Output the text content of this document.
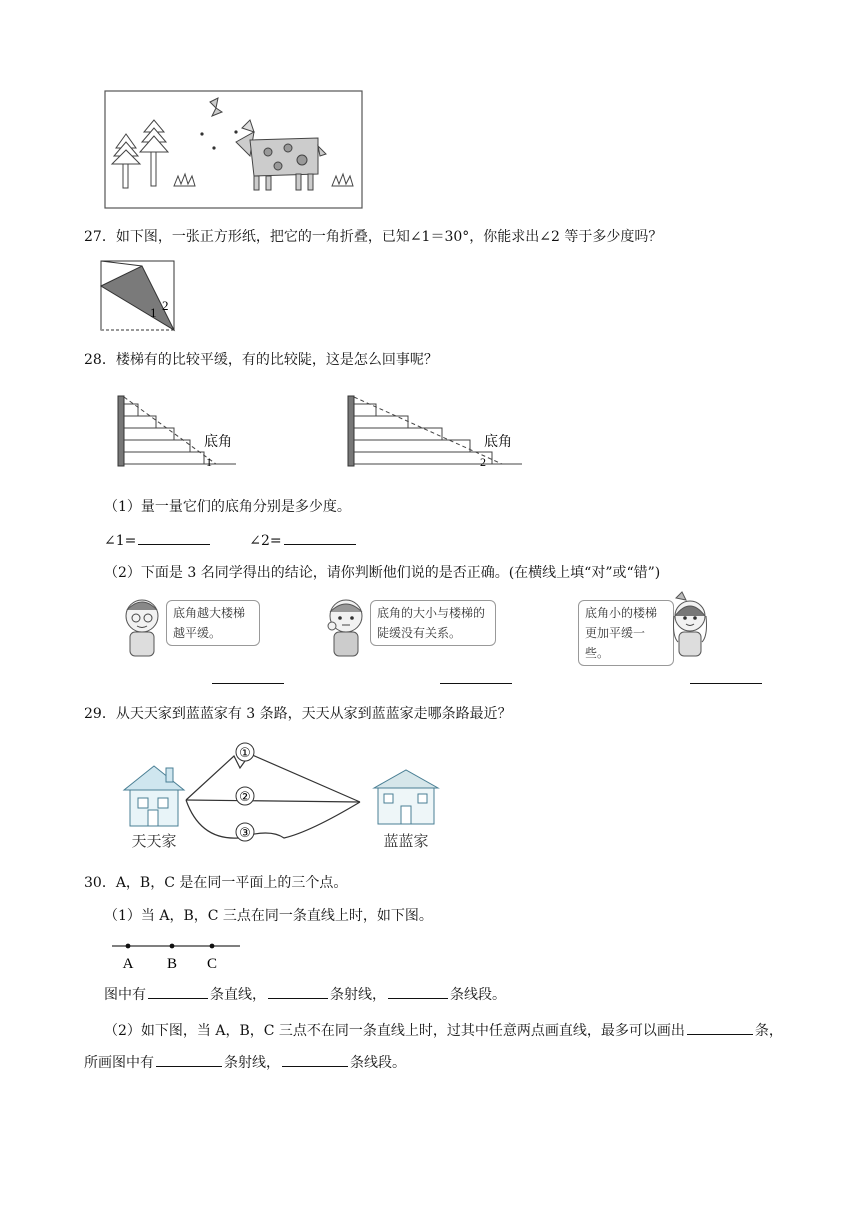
27．如下图，一张正方形纸，把它的一角折叠，已知∠1＝30°，你能求出∠2 等于多少度吗？
1 2
28．楼梯有的比较平缓，有的比较陡，这是怎么回事呢？
底角
1
底角
2
（1）量一量它们的底角分别是多少度。
∠1=	∠2=
（2）下面是 3 名同学得出的结论，请你判断他们说的是否正确。(在横线上填“对”或“错”)
底角越大楼梯越平缓。
底角的大小与楼梯的陡缓没有关系。
底角小的楼梯更加平缓一些。
29．从天天家到蓝蓝家有 3 条路，天天从家到蓝蓝家走哪条路最近？
①
②
③
天天家	蓝蓝家
30．A，B，C 是在同一平面上的三个点。
（1）当 A，B，C 三点在同一条直线上时，如下图。
A B C
图中有	条直线，	条射线，	条线段。
（2）如下图，当 A，B，C 三点不在同一条直线上时，过其中任意两点画直线，最多可以画出	条，
所画图中有	条射线，	条线段。
